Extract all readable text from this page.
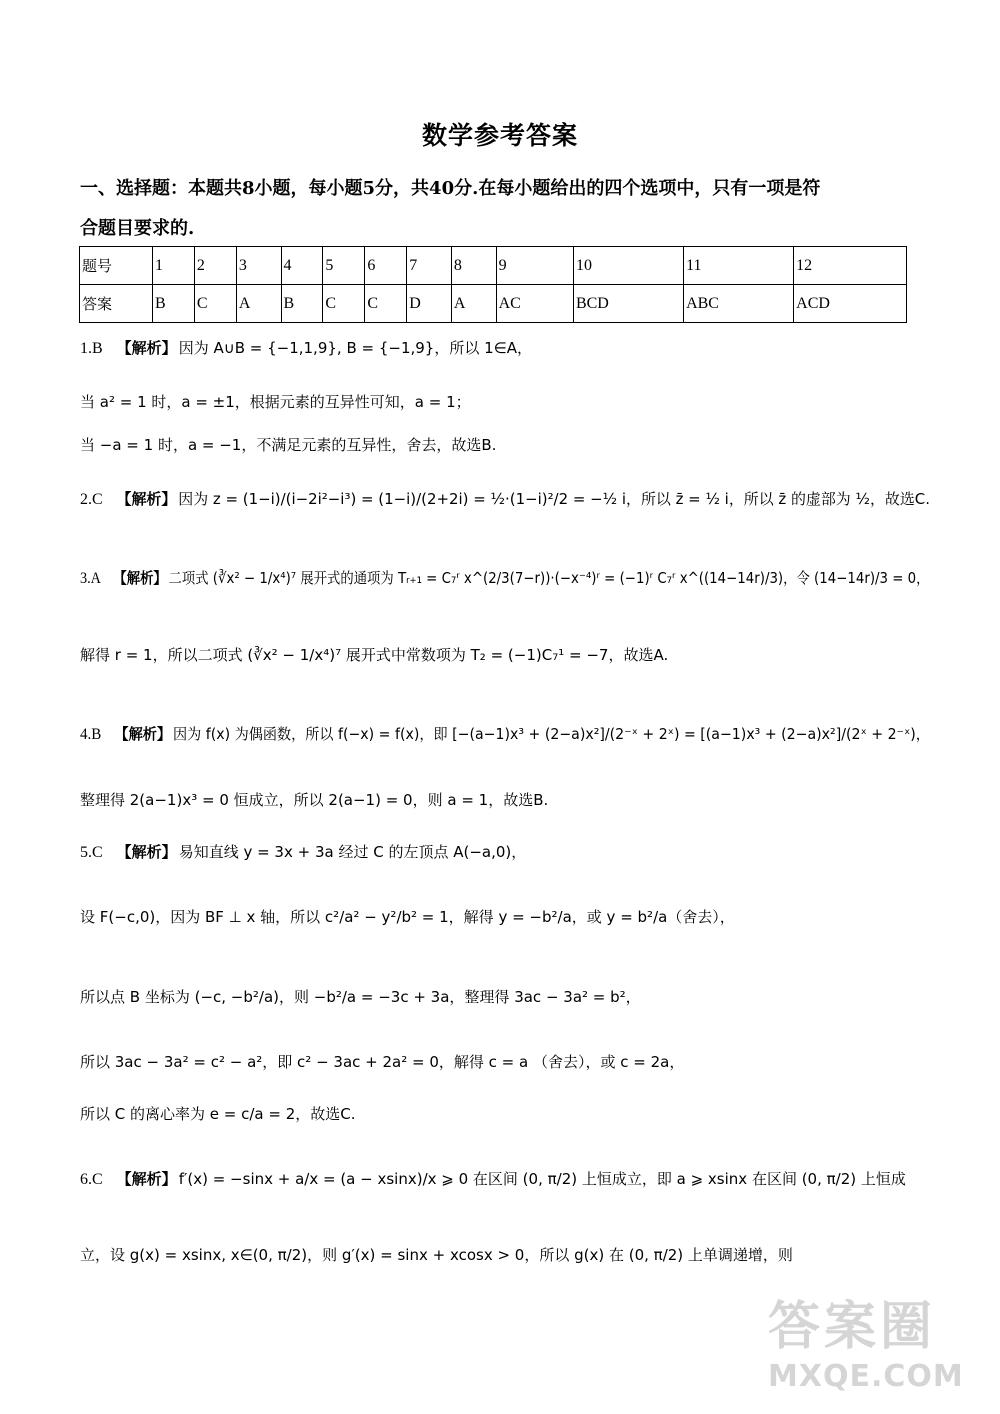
数学参考答案
一、选择题：本题共8小题，每小题5分，共40分.在每小题给出的四个选项中，只有一项是符
合题目要求的.
题号	1	2	3	4	5	6	7	8	9	10	11	12
答案	B	C	A	B	C	C	D	A	AC	BCD	ABC	ACD
1.B 【解析】 因为 A∪B = {−1,1,9}, B = {−1,9}，所以 1∈A，
当 a² = 1 时，a = ±1，根据元素的互异性可知，a = 1；
当 −a = 1 时，a = −1，不满足元素的互异性，舍去，故选B.
2.C 【解析】 因为 z = (1−i)/(i−2i²−i³) = (1−i)/(2+2i) = ½·(1−i)²/2 = −½ i，所以 z̄ = ½ i，所以 z̄ 的虚部为 ½，故选C.
3.A 【解析】 二项式 (∛x² − 1/x⁴)⁷ 展开式的通项为 Tᵣ₊₁ = C₇ʳ x^(2/3(7−r))·(−x⁻⁴)ʳ = (−1)ʳ C₇ʳ x^((14−14r)/3)，令 (14−14r)/3 = 0，
解得 r = 1，所以二项式 (∛x² − 1/x⁴)⁷ 展开式中常数项为 T₂ = (−1)C₇¹ = −7，故选A.
4.B 【解析】 因为 f(x) 为偶函数，所以 f(−x) = f(x)，即 [−(a−1)x³ + (2−a)x²]/(2⁻ˣ + 2ˣ) = [(a−1)x³ + (2−a)x²]/(2ˣ + 2⁻ˣ)，
整理得 2(a−1)x³ = 0 恒成立，所以 2(a−1) = 0，则 a = 1，故选B.
5.C 【解析】 易知直线 y = 3x + 3a 经过 C 的左顶点 A(−a,0)，
设 F(−c,0)，因为 BF ⊥ x 轴，所以 c²/a² − y²/b² = 1，解得 y = −b²/a，或 y = b²/a（舍去），
所以点 B 坐标为 (−c, −b²/a)，则 −b²/a = −3c + 3a，整理得 3ac − 3a² = b²，
所以 3ac − 3a² = c² − a²，即 c² − 3ac + 2a² = 0，解得 c = a （舍去），或 c = 2a，
所以 C 的离心率为 e = c/a = 2，故选C.
6.C 【解析】 f′(x) = −sinx + a/x = (a − xsinx)/x ⩾ 0 在区间 (0, π/2) 上恒成立，即 a ⩾ xsinx 在区间 (0, π/2) 上恒成
立，设 g(x) = xsinx, x∈(0, π/2)，则 g′(x) = sinx + xcosx > 0，所以 g(x) 在 (0, π/2) 上单调递增，则
答案圈
MXQE.COM
